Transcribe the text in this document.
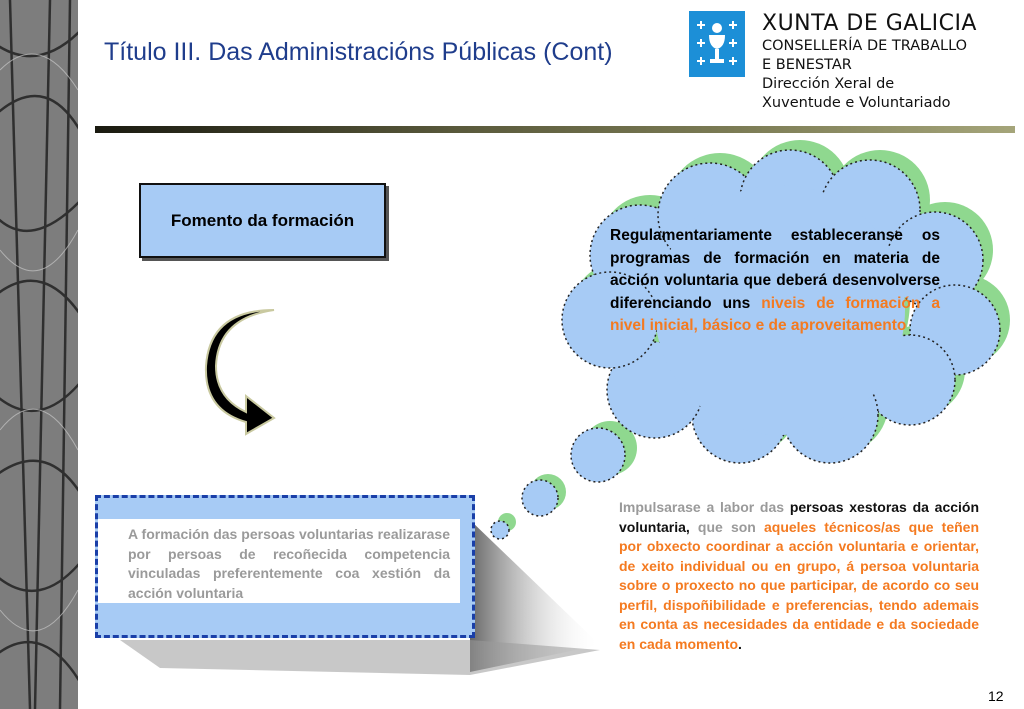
Título III. Das Administracións Públicas (Cont)
XUNTA DE GALICIA
CONSELLERÍA DE TRABALLO
E BENESTAR
Dirección Xeral de
Xuventude e Voluntariado
Fomento da formación
Regulamentariamente estableceranse os programas de formación en materia de acción voluntaria que deberá desenvolverse diferenciando uns niveis de formación a nivel inicial, básico e de aproveitamento
A formación das persoas voluntarias realizarase por persoas de recoñecida competencia vinculadas preferentemente coa xestión da acción voluntaria
Impulsarase a labor das persoas xestoras da acción voluntaria, que son aqueles técnicos/as que teñen por obxecto coordinar a acción voluntaria e orientar, de xeito individual ou en grupo, á persoa voluntaria sobre o proxecto no que participar, de acordo co seu perfil, dispoñibilidade e preferencias, tendo ademais en conta as necesidades da entidade e da sociedade en cada momento.
12
